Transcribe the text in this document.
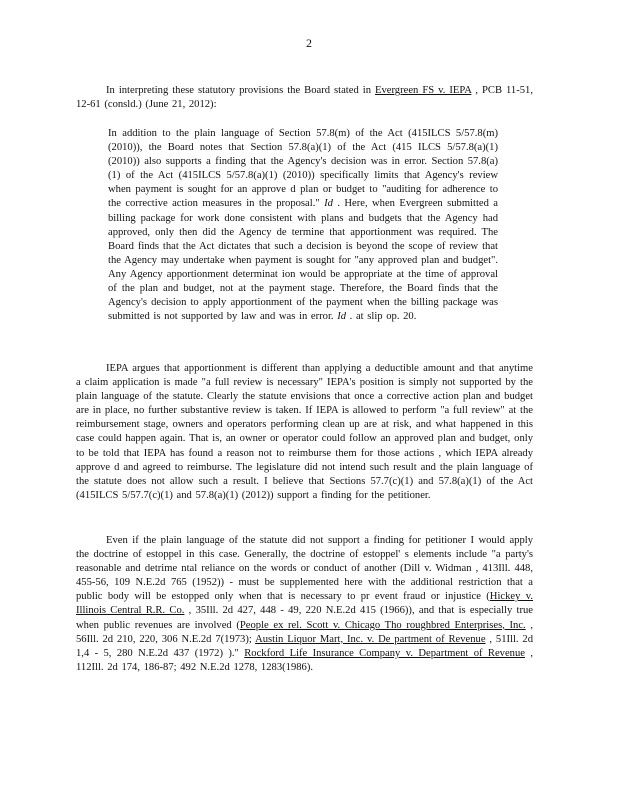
2

In interpreting these statutory provisions the Board stated in Evergreen FS v. IEPA , PCB 11-51, 12-61 (consld.) (June 21, 2012):

In addition to the plain language of Section 57.8(m) of the Act (415ILCS 5/57.8(m) (2010)), the Board notes that Section 57.8(a)(1) of the Act (415 ILCS 5/57.8(a)(1) (2010)) also supports a finding that the Agency's decision was in error. Section 57.8(a)(1) of the Act (415ILCS 5/57.8(a)(1) (2010)) specifically limits that Agency's review when payment is sought for an approve d plan or budget to "auditing for adherence to the corrective action measures in the proposal." Id . Here, when Evergreen submitted a billing package for work done consistent with plans and budgets that the Agency had approved, only then did the Agency de termine that apportionment was required. The Board finds that the Act dictates that such a decision is beyond the scope of review that the Agency may undertake when payment is sought for "any approved plan and budget". Any Agency apportionment determinat ion would be appropriate at the time of approval of the plan and budget, not at the payment stage. Therefore, the Board finds that the Agency's decision to apply apportionment of the payment when the billing package was submitted is not supported by law and was in error. Id . at slip op. 20.

IEPA argues that apportionment is different than applying a deductible amount and that anytime a claim application is made "a full review is necessary" IEPA's position is simply not supported by the plain language of the statute. Clearly the statute envisions that once a corrective action plan and budget are in place, no further substantive review is taken. If IEPA is allowed to perform "a full review" at the reimbursement stage, owners and operators performing clean up are at risk, and what happened in this case could happen again. That is, an owner or operator could follow an approved plan and budget, only to be told that IEPA has found a reason not to reimburse them for those actions , which IEPA already approve d and agreed to reimburse. The legislature did not intend such result and the plain language of the statute does not allow such a result. I believe that Sections 57.7(c)(1) and 57.8(a)(1) of the Act (415ILCS 5/57.7(c)(1) and 57.8(a)(1) (2012)) support a finding for the petitioner.

Even if the plain language of the statute did not support a finding for petitioner I would apply the doctrine of estoppel in this case. Generally, the doctrine of estoppel' s elements include "a party's reasonable and detrime ntal reliance on the words or conduct of another (Dill v. Widman , 413Ill. 448, 455-56, 109 N.E.2d 765 (1952)) - must be supplemented here with the additional restriction that a public body will be estopped only when that is necessary to pr event fraud or injustice (Hickey v. Illinois Central R.R. Co. , 35Ill. 2d 427, 448 - 49, 220 N.E.2d 415 (1966)), and that is especially true when public revenues are involved (People ex rel. Scott v. Chicago Tho roughbred Enterprises, Inc. , 56Ill. 2d 210, 220, 306 N.E.2d 7(1973); Austin Liquor Mart, Inc. v. De partment of Revenue , 51Ill. 2d 1,4 - 5, 280 N.E.2d 437 (1972) )." Rockford Life Insurance Company v. Department of Revenue , 112Ill. 2d 174, 186-87; 492 N.E.2d 1278, 1283(1986).
